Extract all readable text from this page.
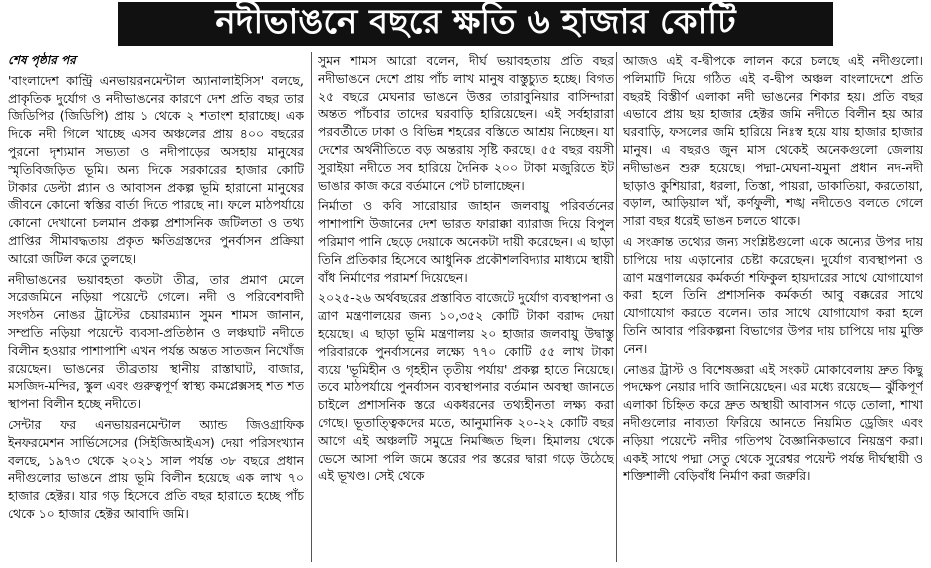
নদীভাঙনে বছরে ক্ষতি ৬ হাজার কোটি
শেষ পৃষ্ঠার পর

'বাংলাদেশ কান্ট্রি এনভায়রনমেন্টাল অ্যানালাইসিস' বলছে, প্রাকৃতিক দুর্যোগ ও নদীভাঙনের কারণে দেশ প্রতি বছর তার জিডিপির (জিডিপি) প্রায় ১ থেকে ২ শতাংশ হারাচ্ছে। এক দিকে নদী গিলে খাচ্ছে এসব অঞ্চলের প্রায় ৪০০ বছরের পুরনো দৃশ্যমান সভ্যতা ও নদীপাড়ের অসহায় মানুষের স্মৃতিবিজড়িত ভূমি। অন্য দিকে সরকারের হাজার কোটি টাকার ডেল্টা প্ল্যান ও আবাসন প্রকল্প ভূমি হারানো মানুষের জীবনে কোনো স্বস্তির বার্তা দিতে পারছে না। ফলে মাঠপর্যায়ে কোনো দেখানো চলমান প্রকল্প প্রশাসনিক জটিলতা ও তথ্য প্রাপ্তির সীমাবদ্ধতায় প্রকৃত ক্ষতিগ্রস্তদের পুনর্বাসন প্রক্রিয়া আরো জটিল করে তুলছে।

নদীভাঙনের ভয়াবহতা কতটা তীব্র, তার প্রমাণ মেলে সরেজমিনে নড়িয়া পয়েন্টে গেলে। নদী ও পরিবেশবাদী সংগঠন নোঙর ট্রাস্টের চেয়ারম্যান সুমন শামস জানান, সম্প্রতি নড়িয়া পয়েন্টে ব্যবসা-প্রতিষ্ঠান ও লঞ্চঘাট নদীতে বিলীন হওয়ার পাশাপাশি এখন পর্যন্ত অন্তত সাতজন নিখোঁজ রয়েছেন। ভাঙনের তীব্রতায় স্থানীয় রাস্তাঘাট, বাজার, মসজিদ-মন্দির, স্কুল এবং গুরুত্বপূর্ণ স্বাস্থ্য কমপ্লেক্সসহ শত শত স্থাপনা বিলীন হচ্ছে নদীতে।

সেন্টার ফর এনভায়রনমেন্টাল অ্যান্ড জিওগ্রাফিক ইনফরমেশন সার্ভিসেসের (সিইজিআইএস) দেয়া পরিসংখ্যান বলছে, ১৯৭৩ থেকে ২০২১ সাল পর্যন্ত ৩৮ বছরে প্রধান নদীগুলোর ভাঙনে প্রায় ভূমি বিলীন হয়েছে এক লাখ ৭০ হাজার হেক্টর। যার গড় হিসেবে প্রতি বছর হারাতে হচ্ছে পাঁচ থেকে ১০ হাজার হেক্টর আবাদি জমি।

সুমন শামস আরো বলেন, দীর্ঘ ভয়াবহতায় প্রতি বছর নদীভাঙনে দেশে প্রায় পাঁচ লাখ মানুষ বাস্তুচ্যুত হচ্ছে। বিগত ২৫ বছরে মেঘনার ভাঙনে উত্তর তারাবুনিয়ার বাসিন্দারা অন্তত পাঁচবার তাদের ঘরবাড়ি হারিয়েছেন। এই সর্বহারারা পরবর্তীতে ঢাকা ও বিভিন্ন শহরের বস্তিতে আশ্রয় নিচ্ছেন। যা দেশের অর্থনীতিতে বড় অন্তরায় সৃষ্টি করছে। ৫৫ বছর বয়সী সুরাইয়া নদীতে সব হারিয়ে দৈনিক ২০০ টাকা মজুরিতে ইট ভাঙার কাজ করে বর্তমানে পেট চালাচ্ছেন।

নির্মাতা ও কবি সারোয়ার জাহান জলবায়ু পরিবর্তনের পাশাপাশি উজানের দেশ ভারত ফারাক্কা ব্যারাজ দিয়ে বিপুল পরিমাণ পানি ছেড়ে দেয়াকে অনেকটা দায়ী করেছেন। এ ছাড়া তিনি প্রতিকার হিসেবে আধুনিক প্রকৌশলবিদ্যার মাধ্যমে স্থায়ী বাঁধ নির্মাণের পরামর্শ দিয়েছেন।

২০২৫-২৬ অর্থবছরের প্রস্তাবিত বাজেটে দুর্যোগ ব্যবস্থাপনা ও ত্রাণ মন্ত্রণালয়ের জন্য ১০,৩৫২ কোটি টাকা বরাদ্দ দেয়া হয়েছে। এ ছাড়া ভূমি মন্ত্রণালয় ২০ হাজার জলবায়ু উদ্বাস্তু পরিবারকে পুনর্বাসনের লক্ষ্যে ৭৭০ কোটি ৫৫ লাখ টাকা ব্যয়ে 'ভূমিহীন ও গৃহহীন তৃতীয় পর্যায়' প্রকল্প হাতে নিয়েছে। তবে মাঠপর্যায়ে পুনর্বাসন ব্যবস্থাপনার বর্তমান অবস্থা জানতে চাইলে প্রশাসনিক স্তরে একধরনের তথ্যহীনতা লক্ষ্য করা গেছে। ভূতাত্ত্বিকদের মতে, আনুমানিক ২০-২২ কোটি বছর আগে এই অঞ্চলটি সমুদ্রে নিমজ্জিত ছিল। হিমালয় থেকে ভেসে আসা পলি জমে স্তরের পর স্তরের দ্বারা গড়ে উঠেছে এই ভূখণ্ড। সেই থেকে

আজও এই ব-দ্বীপকে লালন করে চলছে এই নদীগুলো। পলিমাটি দিয়ে গঠিত এই ব-দ্বীপ অঞ্চল বাংলাদেশে প্রতি বছরই বিস্তীর্ণ এলাকা নদী ভাঙনের শিকার হয়। প্রতি বছর এভাবে প্রায় ছয় হাজার হেক্টর জমি নদীতে বিলীন হয় আর ঘরবাড়ি, ফসলের জমি হারিয়ে নিঃস্ব হয়ে যায় হাজার হাজার মানুষ। এ বছরও জুন মাস থেকেই অনেকগুলো জেলায় নদীভাঙন শুরু হয়েছে। পদ্মা-মেঘনা-যমুনা প্রধান নদ-নদী ছাড়াও কুশিয়ারা, ধরলা, তিস্তা, পায়রা, ডাকাতিয়া, করতোয়া, বড়াল, আড়িয়াল খাঁ, কর্ণফুলী, শঙ্খ নদীতেও বলতে গেলে সারা বছর ধরেই ভাঙন চলতে থাকে।

এ সংক্রান্ত তথ্যের জন্য সংশ্লিষ্টগুলো একে অন্যের উপর দায় চাপিয়ে দায় এড়ানোর চেষ্টা করেছেন। দুর্যোগ ব্যবস্থাপনা ও ত্রাণ মন্ত্রণালয়ের কর্মকর্তা শফিকুল হায়দারের সাথে যোগাযোগ করা হলে তিনি প্রশাসনিক কর্মকর্তা আবু বক্করের সাথে যোগাযোগ করতে বলেন। তার সাথে যোগাযোগ করা হলে তিনি আবার পরিকল্পনা বিভাগের উপর দায় চাপিয়ে দায় মুক্তি নেন।

নোঙর ট্রাস্ট ও বিশেষজ্ঞরা এই সংকট মোকাবেলায় দ্রুত কিছু পদক্ষেপ নেয়ার দাবি জানিয়েছেন। এর মধ্যে রয়েছে— ঝুঁকিপূর্ণ এলাকা চিহ্নিত করে দ্রুত অস্থায়ী আবাসন গড়ে তোলা, শাখা নদীগুলোর নাব্যতা ফিরিয়ে আনতে নিয়মিত ড্রেজিং এবং নড়িয়া পয়েন্টে নদীর গতিপথ বৈজ্ঞানিকভাবে নিয়ন্ত্রণ করা। একই সাথে পদ্মা সেতু থেকে সুরেশ্বর পয়েন্ট পর্যন্ত দীর্ঘস্থায়ী ও শক্তিশালী বেড়িবাঁধ নির্মাণ করা জরুরি।
